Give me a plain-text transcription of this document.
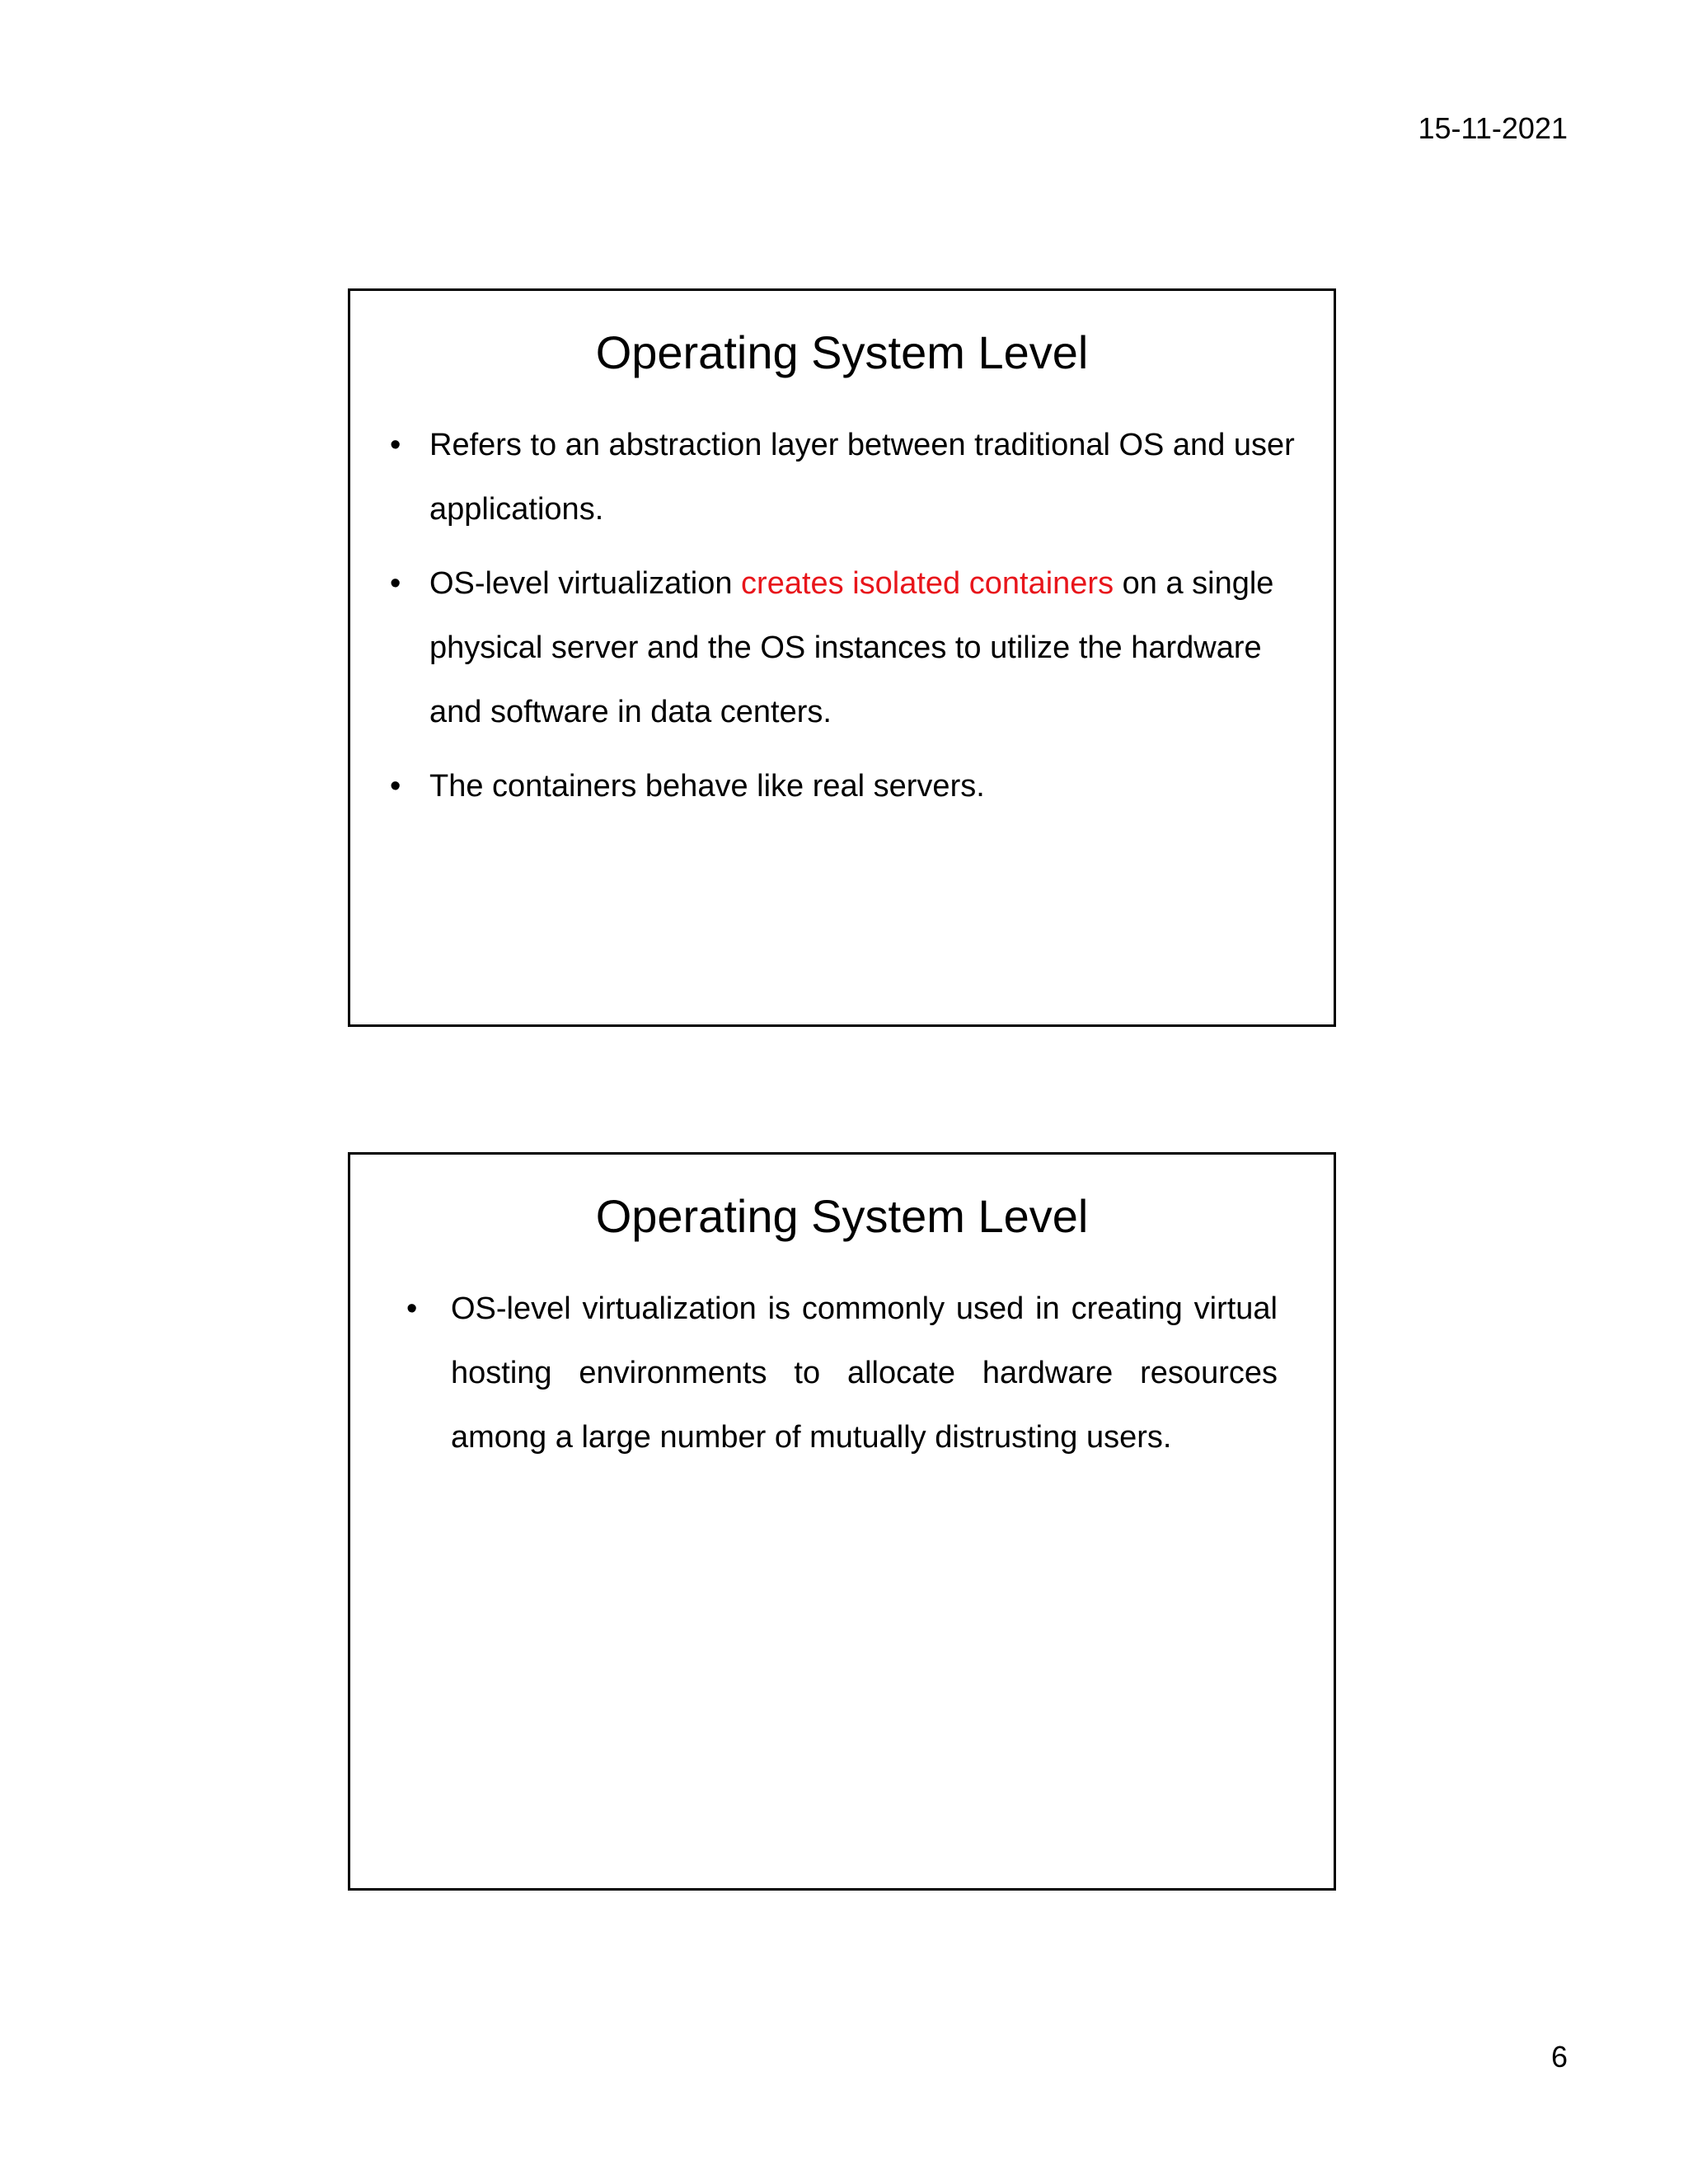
15-11-2021

Operating System Level
• Refers to an abstraction layer between traditional OS and user applications.
• OS-level virtualization creates isolated containers on a single physical server and the OS instances to utilize the hardware and software in data centers.
• The containers behave like real servers.
Operating System Level
• OS-level virtualization is commonly used in creating virtual hosting environments to allocate hardware resources among a large number of mutually distrusting users.

6
